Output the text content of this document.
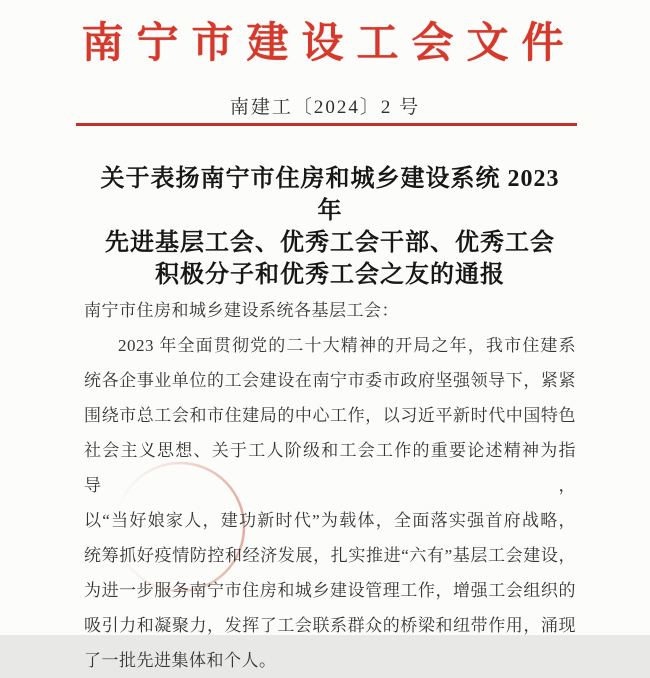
南宁市建设工会文件
南建工〔2024〕2 号
关于表扬南宁市住房和城乡建设系统 2023 年
先进基层工会、优秀工会干部、优秀工会
积极分子和优秀工会之友的通报
南宁市住房和城乡建设系统各基层工会：
2023 年全面贯彻党的二十大精神的开局之年，我市住建系
统各企事业单位的工会建设在南宁市委市政府坚强领导下，紧紧
围绕市总工会和市住建局的中心工作，以习近平新时代中国特色
社会主义思想、关于工人阶级和工会工作的重要论述精神为指导，
以“当好娘家人，建功新时代”为载体，全面落实强首府战略，
统筹抓好疫情防控和经济发展，扎实推进“六有”基层工会建设，
为进一步服务南宁市住房和城乡建设管理工作，增强工会组织的
吸引力和凝聚力，发挥了工会联系群众的桥梁和纽带作用，涌现
了一批先进集体和个人。
